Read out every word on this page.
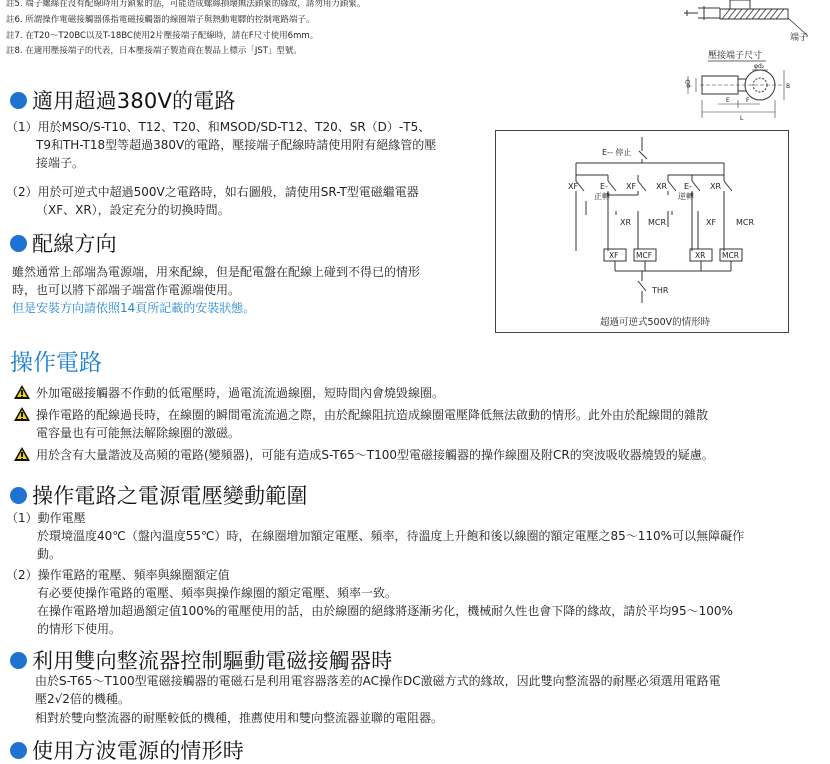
註5. 端子螺絲在沒有配線時用力鎖緊的話，可能造成螺絲損壞無法鎖緊的緣故，請勿用力鎖緊。
註6. 所謂操作電磁接觸器係指電磁接觸器的線圈端子與熱動電驛的控制電路端子。
註7. 在T20～T20BC以及T-18BC使用2片壓接端子配線時，請在F尺寸使用6mm。
註8. 在適用壓接端子的代表，日本壓接端子製造商在製品上標示「JST」型號。
端子
壓接端子尺寸
φd₂
φD	B
E	F
L
適用超過380V的電路
（1）用於MSO/S-T10、T12、T20、和MSOD/SD-T12、T20、SR（D）-T5、
T9和TH-T18型等超過380V的電路，壓接端子配線時請使用附有絕緣管的壓
接端子。
（2）用於可逆式中超過500V之電路時，如右圖般，請使用SR-T型電磁繼電器
（XF、XR），設定充分的切換時間。
配線方向
雖然通常上部端為電源端，用來配線，但是配電盤在配線上碰到不得已的情形
時，也可以將下部端子端當作電源端使用。
但是安裝方向請依照14頁所記載的安裝狀態。
E-- 停止
XF	E-
正轉
XF XR E-
逆轉
XR
XR MCR	XF MCR
XF MCF	XR MCR
THR
超過可逆式500V的情形時
操作電路
外加電磁接觸器不作動的低電壓時，過電流流過線圈，短時間內會燒毀線圈。
操作電路的配線過長時，在線圈的瞬間電流流過之際，由於配線阻抗造成線圈電壓降低無法啟動的情形。此外由於配線間的雜散
電容量也有可能無法解除線圈的激磁。
用於含有大量諧波及高頻的電路(變頻器)，可能有造成S-T65～T100型電磁接觸器的操作線圈及附CR的突波吸收器燒毀的疑慮。
操作電路之電源電壓變動範圍
（1）動作電壓
於環境溫度40℃（盤內溫度55℃）時，在線圈增加額定電壓、頻率，待溫度上升飽和後以線圈的額定電壓之85～110%可以無障礙作
動。
（2）操作電路的電壓、頻率與線圈額定值
有必要使操作電路的電壓、頻率與操作線圈的額定電壓、頻率一致。
在操作電路增加超過額定值100%的電壓使用的話，由於線圈的絕緣將逐漸劣化，機械耐久性也會下降的緣故，請於平均95～100%
的情形下使用。
利用雙向整流器控制驅動電磁接觸器時
由於S-T65～T100型電磁接觸器的電磁石是利用電容器落差的AC操作DC激磁方式的緣故，因此雙向整流器的耐壓必須選用電路電
壓2√2倍的機種。
相對於雙向整流器的耐壓較低的機種，推薦使用和雙向整流器並聯的電阻器。
使用方波電源的情形時
